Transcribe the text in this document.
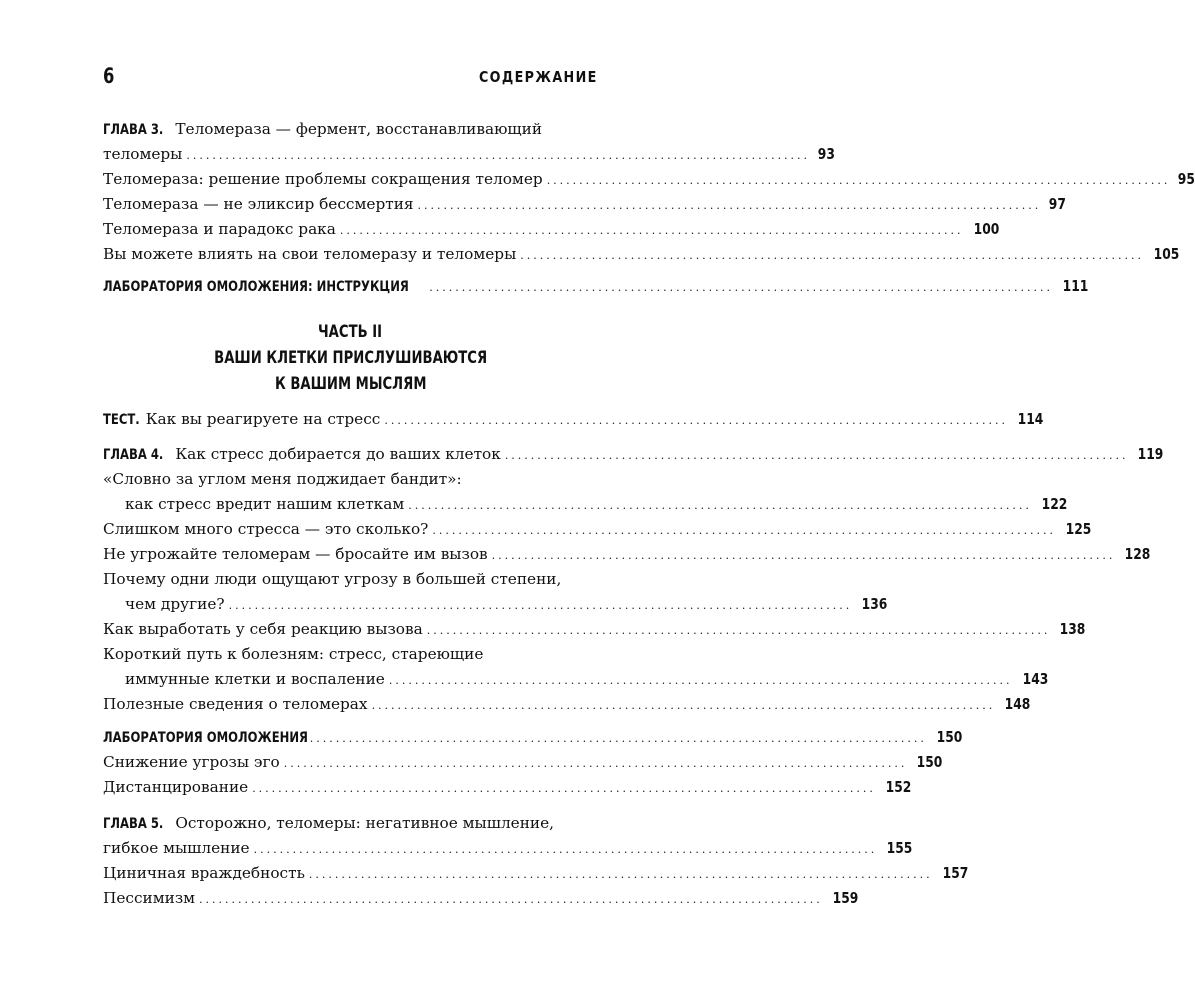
6	СОДЕРЖАНИЕ
ГЛАВА 3. Теломераза — фермент, восстанавливающий
теломеры ................................................................................................ 93
Теломераза: решение проблемы сокращения теломер ................................................................................................ 95
Теломераза — не эликсир бессмертия ................................................................................................ 97
Теломераза и парадокс рака ................................................................................................ 100
Вы можете влиять на свои теломеразу и теломеры ................................................................................................ 105
ЛАБОРАТОРИЯ ОМОЛОЖЕНИЯ: ИНСТРУКЦИЯ	................................................................................................ 111
ЧАСТЬ II
ВАШИ КЛЕТКИ ПРИСЛУШИВАЮТСЯ
К ВАШИМ МЫСЛЯМ
ТЕСТ. Как вы реагируете на стресс ................................................................................................ 114
ГЛАВА 4. Как стресс добирается до ваших клеток ................................................................................................ 119
«Словно за углом меня поджидает бандит»:
как стресс вредит нашим клеткам ................................................................................................ 122
Слишком много стресса — это сколько? ................................................................................................ 125
Не угрожайте теломерам — бросайте им вызов ................................................................................................ 128
Почему одни люди ощущают угрозу в большей степени,
чем другие? ................................................................................................ 136
Как выработать у себя реакцию вызова ................................................................................................ 138
Короткий путь к болезням: стресс, стареющие
иммунные клетки и воспаление ................................................................................................ 143
Полезные сведения о теломерах ................................................................................................ 148
ЛАБОРАТОРИЯ ОМОЛОЖЕНИЯ
................................................................................................ 150
Снижение угрозы эго ................................................................................................ 150
Дистанцирование ................................................................................................ 152
ГЛАВА 5. Осторожно, теломеры: негативное мышление,
гибкое мышление ................................................................................................ 155
Циничная враждебность ................................................................................................ 157
Пессимизм ................................................................................................ 159
